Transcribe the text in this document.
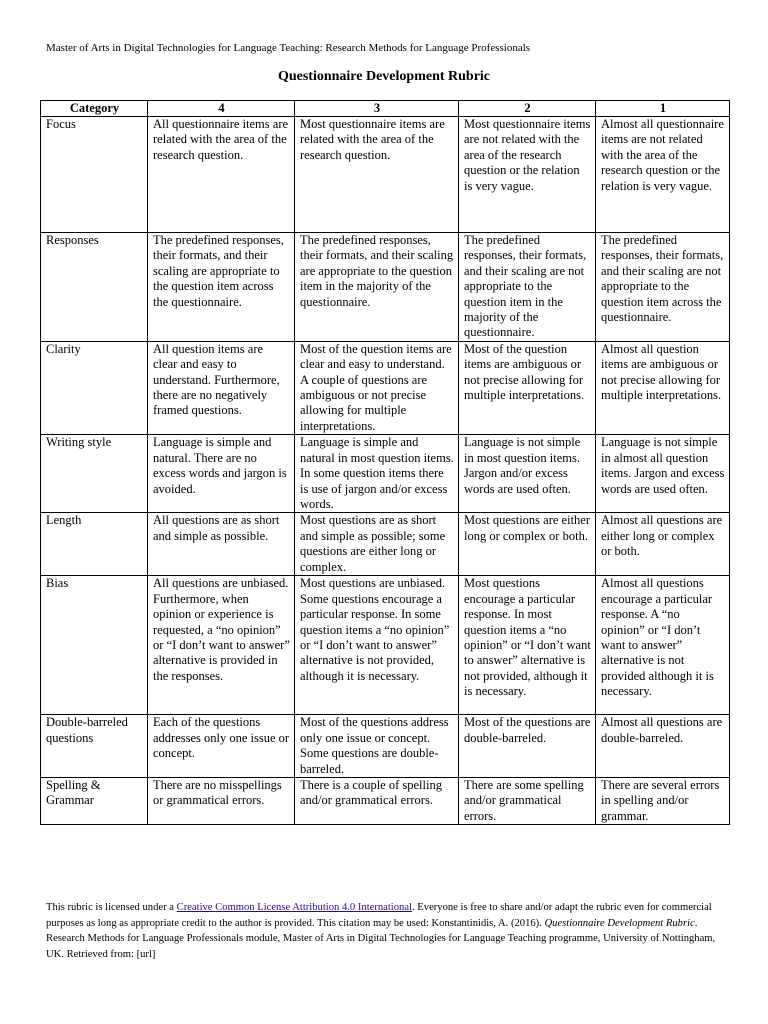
Master of Arts in Digital Technologies for Language Teaching: Research Methods for Language Professionals
Questionnaire Development Rubric
Category	4	3	2	1
Focus	All questionnaire items are related with the area of the research question.	Most questionnaire items are related with the area of the research question.	Most questionnaire items are not related with the area of the research question or the relation is very vague.	Almost all questionnaire items are not related with the area of the research question or the relation is very vague.
Responses	The predefined responses, their formats, and their scaling are appropriate to the question item across the questionnaire.	The predefined responses, their formats, and their scaling are appropriate to the question item in the majority of the questionnaire.	The predefined responses, their formats, and their scaling are not appropriate to the question item in the majority of the questionnaire.	The predefined responses, their formats, and their scaling are not appropriate to the question item across the questionnaire.
Clarity	All question items are clear and easy to understand. Furthermore, there are no negatively framed questions.	Most of the question items are clear and easy to understand. A couple of questions are ambiguous or not precise allowing for multiple interpretations.	Most of the question items are ambiguous or not precise allowing for multiple interpretations.	Almost all question items are ambiguous or not precise allowing for multiple interpretations.
Writing style	Language is simple and natural. There are no excess words and jargon is avoided.	Language is simple and natural in most question items. In some question items there is use of jargon and/or excess words.	Language is not simple in most question items. Jargon and/or excess words are used often.	Language is not simple in almost all question items. Jargon and excess words are used often.
Length	All questions are as short and simple as possible.	Most questions are as short and simple as possible; some questions are either long or complex.	Most questions are either long or complex or both.	Almost all questions are either long or complex or both.
Bias	All questions are unbiased. Furthermore, when opinion or experience is requested, a “no opinion” or “I don’t want to answer” alternative is provided in the responses.	Most questions are unbiased. Some questions encourage a particular response. In some question items a “no opinion” or “I don’t want to answer” alternative is not provided, although it is necessary.	Most questions encourage a particular response. In most question items a “no opinion” or “I don’t want to answer” alternative is not provided, although it is necessary.	Almost all questions encourage a particular response. A “no opinion” or “I don’t want to answer” alternative is not provided although it is necessary.
Double-barreled questions	Each of the questions addresses only one issue or concept.	Most of the questions address only one issue or concept. Some questions are double-barreled.	Most of the questions are double-barreled.	Almost all questions are double-barreled.
Spelling & Grammar	There are no misspellings or grammatical errors.	There is a couple of spelling and/or grammatical errors.	There are some spelling and/or grammatical errors.	There are several errors in spelling and/or grammar.
This rubric is licensed under a Creative Common License Attribution 4.0 International. Everyone is free to share and/or adapt the rubric even for commercial purposes as long as appropriate credit to the author is provided. This citation may be used: Konstantinidis, A. (2016). Questionnaire Development Rubric. Research Methods for Language Professionals module, Master of Arts in Digital Technologies for Language Teaching programme, University of Nottingham, UK. Retrieved from: [url]
